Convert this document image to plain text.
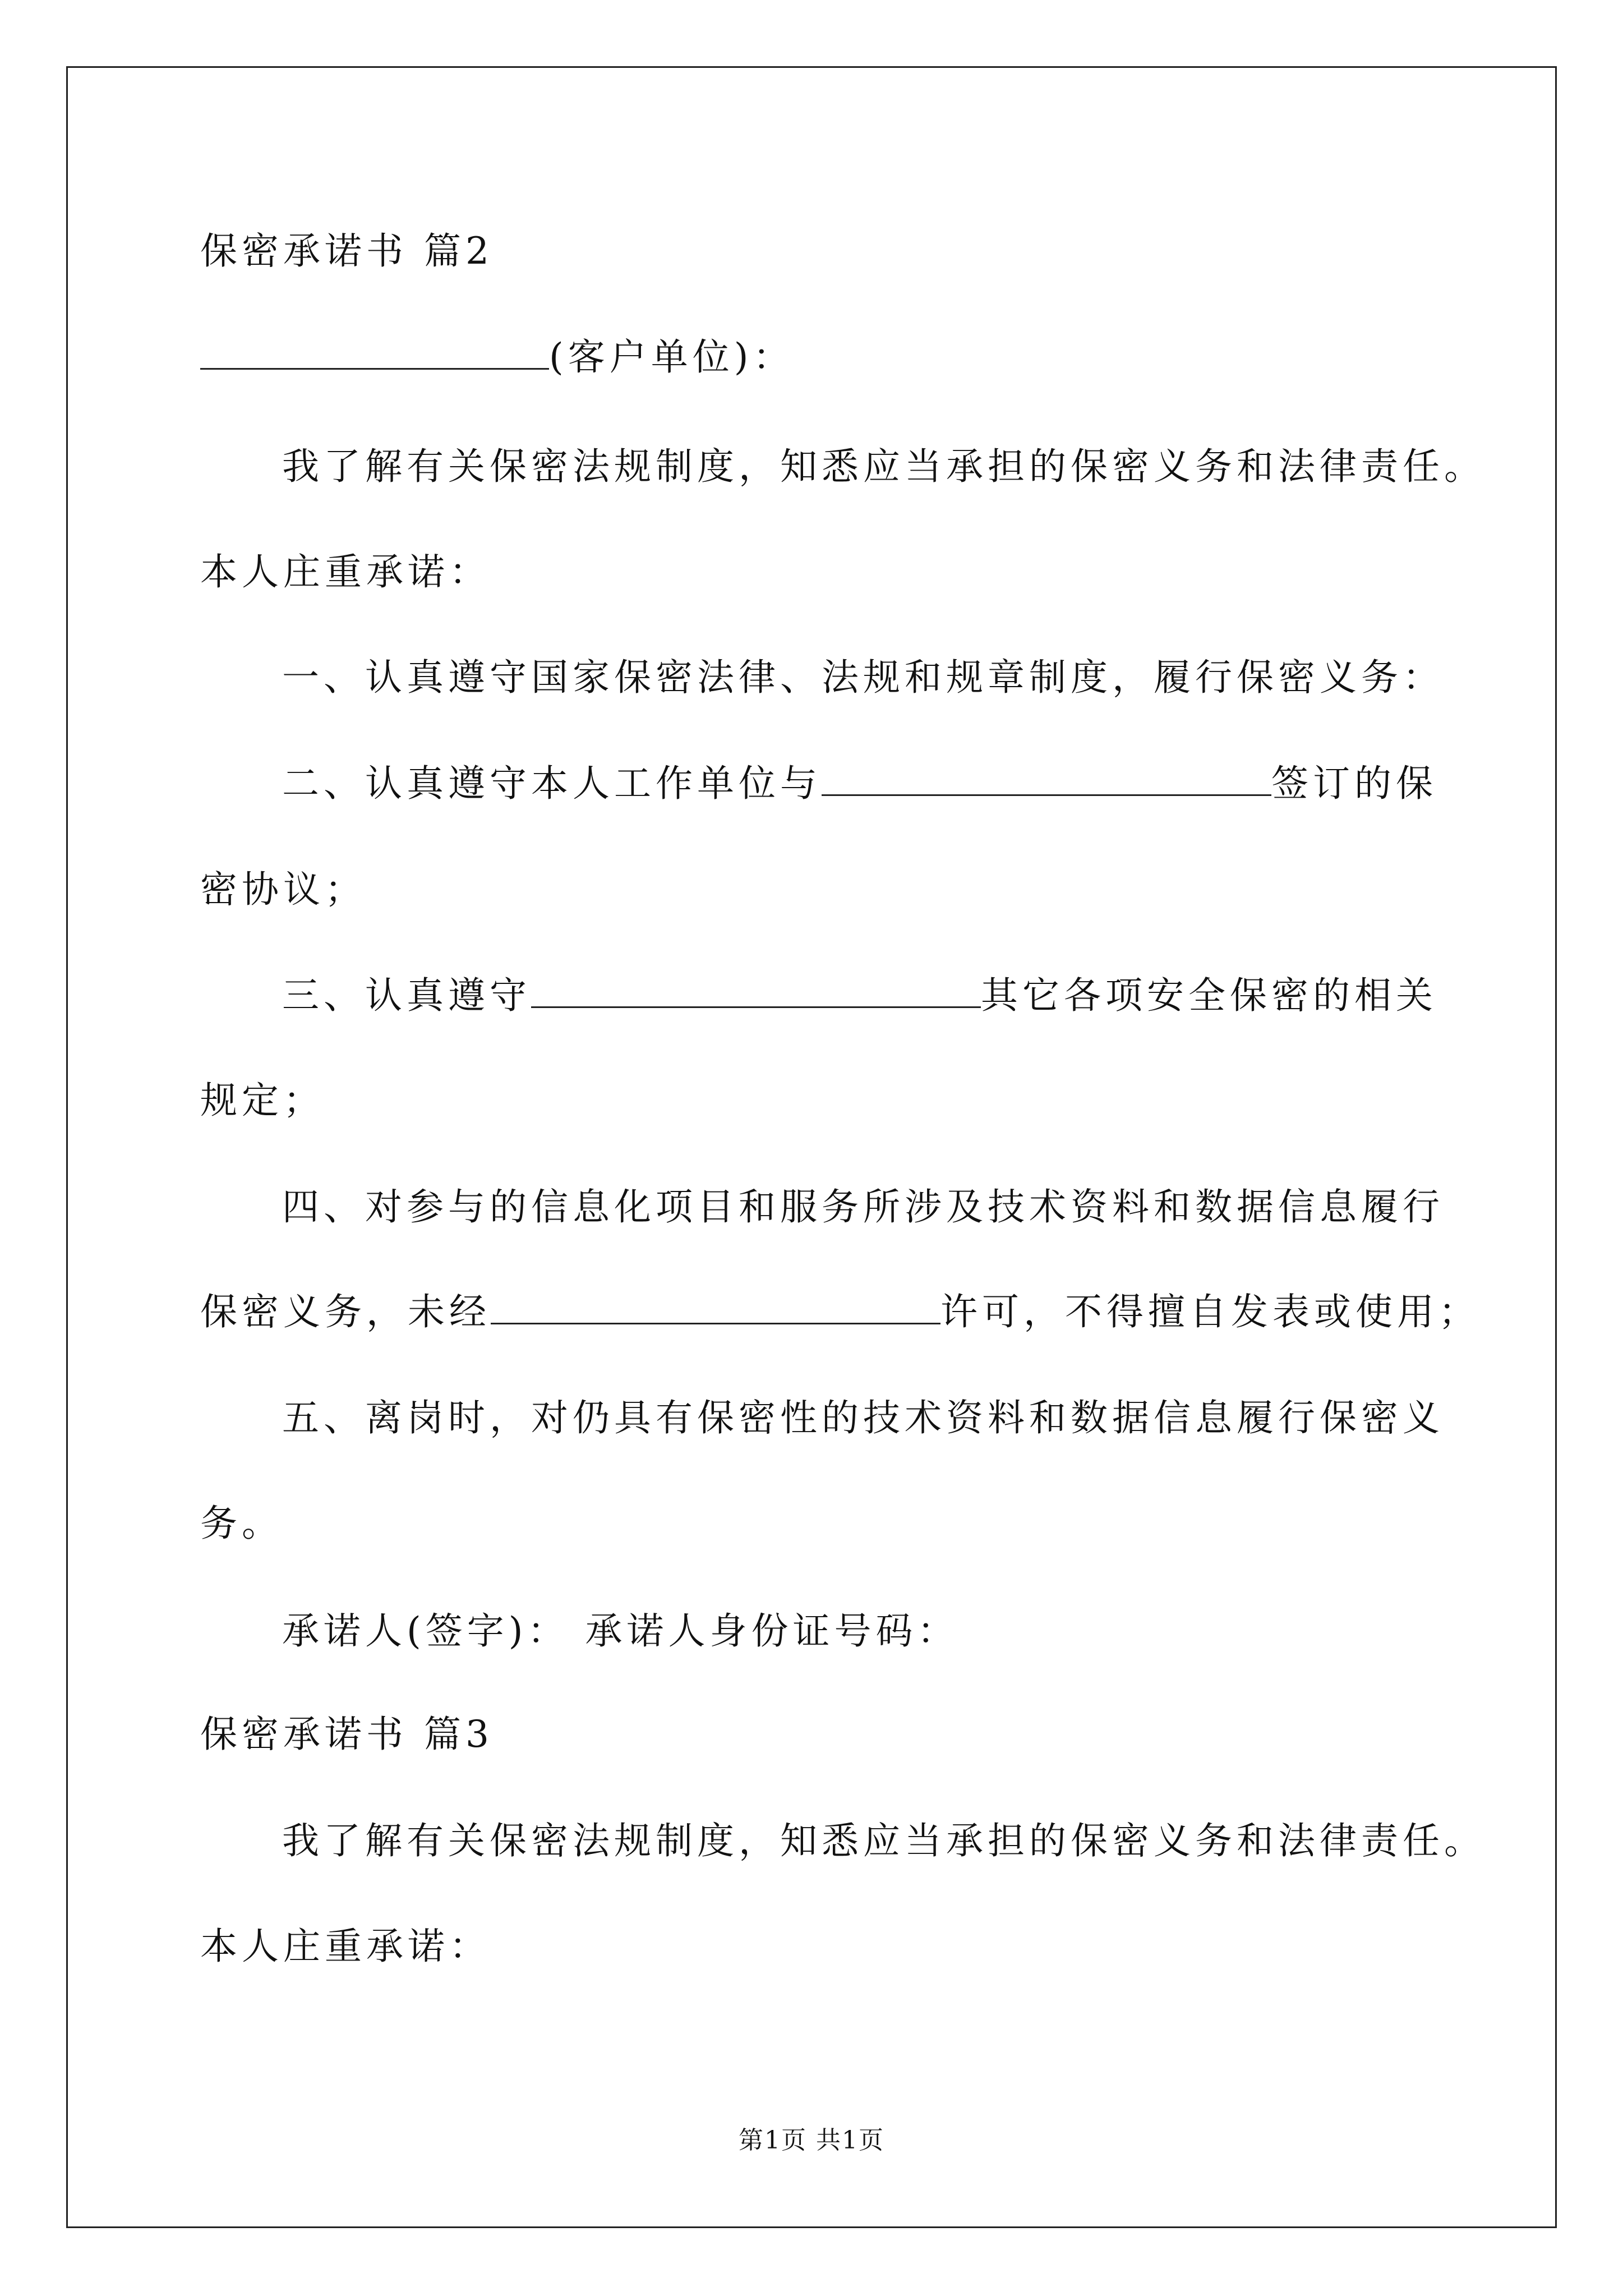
保密承诺书 篇2
(客户单位)：
我了解有关保密法规制度，知悉应当承担的保密义务和法律责任。
本人庄重承诺：
一、认真遵守国家保密法律、法规和规章制度，履行保密义务：
二、认真遵守本人工作单位与	签订的保
密协议；
三、认真遵守	其它各项安全保密的相关
规定；
四、对参与的信息化项目和服务所涉及技术资料和数据信息履行
保密义务，未经	许可，不得擅自发表或使用；
五、离岗时，对仍具有保密性的技术资料和数据信息履行保密义
务。
承诺人(签字)： 承诺人身份证号码：
保密承诺书 篇3
我了解有关保密法规制度，知悉应当承担的保密义务和法律责任。
本人庄重承诺：
第1页 共1页
